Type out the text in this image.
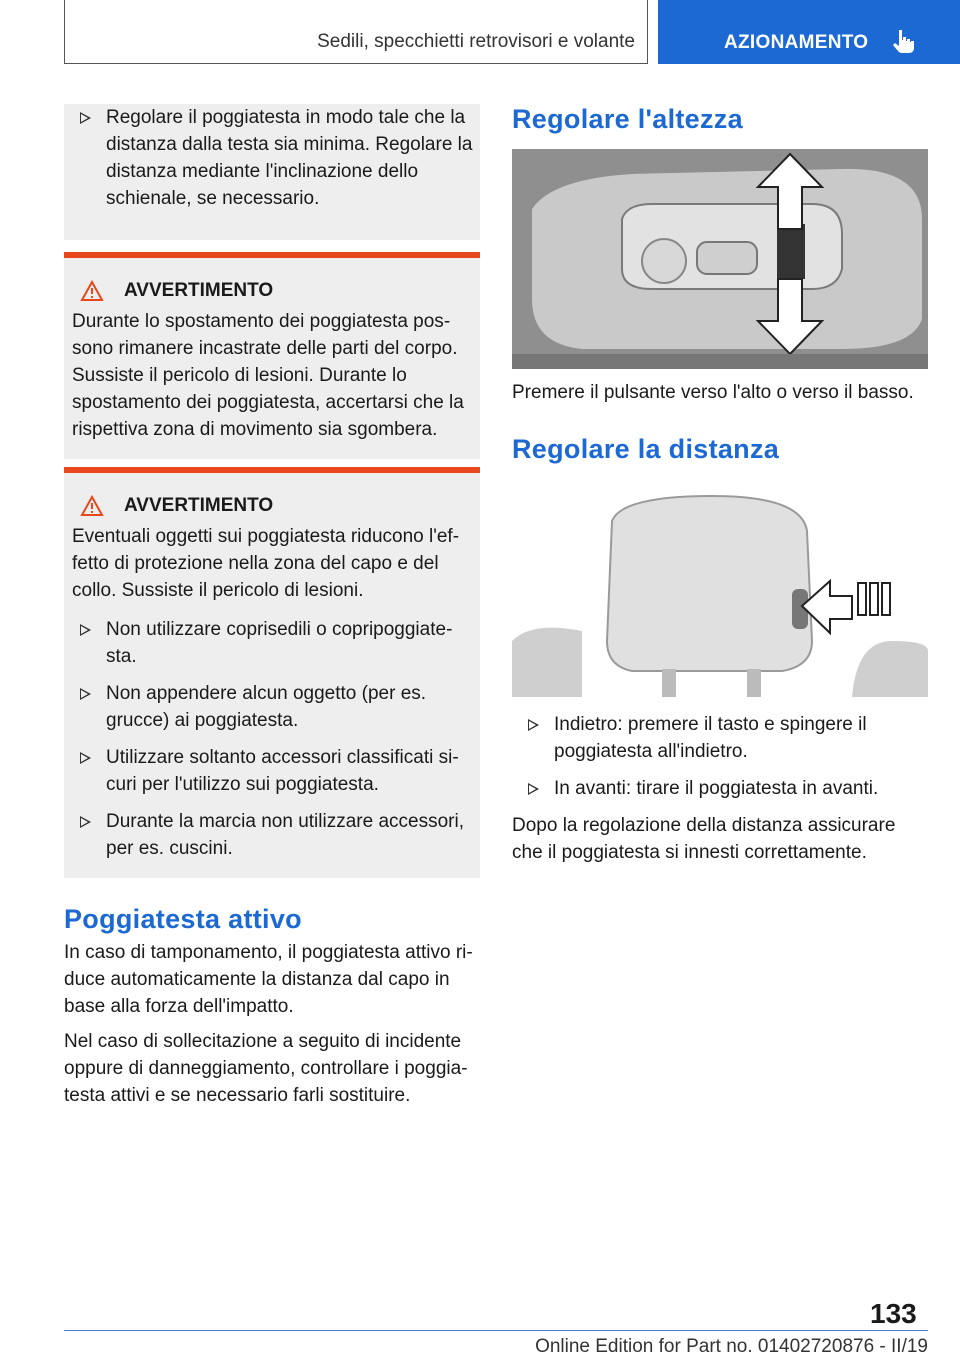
Sedili, specchietti retrovisori e volante	AZIONAMENTO
Regolare il poggiatesta in modo tale che la distanza dalla testa sia minima. Regolare la distanza mediante l'inclinazione dello schienale, se necessario.
AVVERTIMENTO

Durante lo spostamento dei poggiatesta possono rimanere incastrate delle parti del corpo. Sussiste il pericolo di lesioni. Durante lo spostamento dei poggiatesta, accertarsi che la rispettiva zona di movimento sia sgombera.

AVVERTIMENTO

Eventuali oggetti sui poggiatesta riducono l'effetto di protezione nella zona del capo e del collo. Sussiste il pericolo di lesioni.

Non utilizzare coprisedili o copripoggiatesta.
Non appendere alcun oggetto (per es. grucce) ai poggiatesta.
Utilizzare soltanto accessori classificati sicuri per l'utilizzo sui poggiatesta.
Durante la marcia non utilizzare accessori, per es. cuscini.
Poggiatesta attivo

In caso di tamponamento, il poggiatesta attivo riduce automaticamente la distanza dal capo in base alla forza dell'impatto.

Nel caso di sollecitazione a seguito di incidente oppure di danneggiamento, controllare i poggiatesta attivi e se necessario farli sostituire.

Regolare l'altezza

Premere il pulsante verso l'alto o verso il basso.

Regolare la distanza
Indietro: premere il tasto e spingere il poggiatesta all'indietro.
In avanti: tirare il poggiatesta in avanti.

Dopo la regolazione della distanza assicurare che il poggiatesta si innesti correttamente.

133
Online Edition for Part no. 01402720876 - II/19
